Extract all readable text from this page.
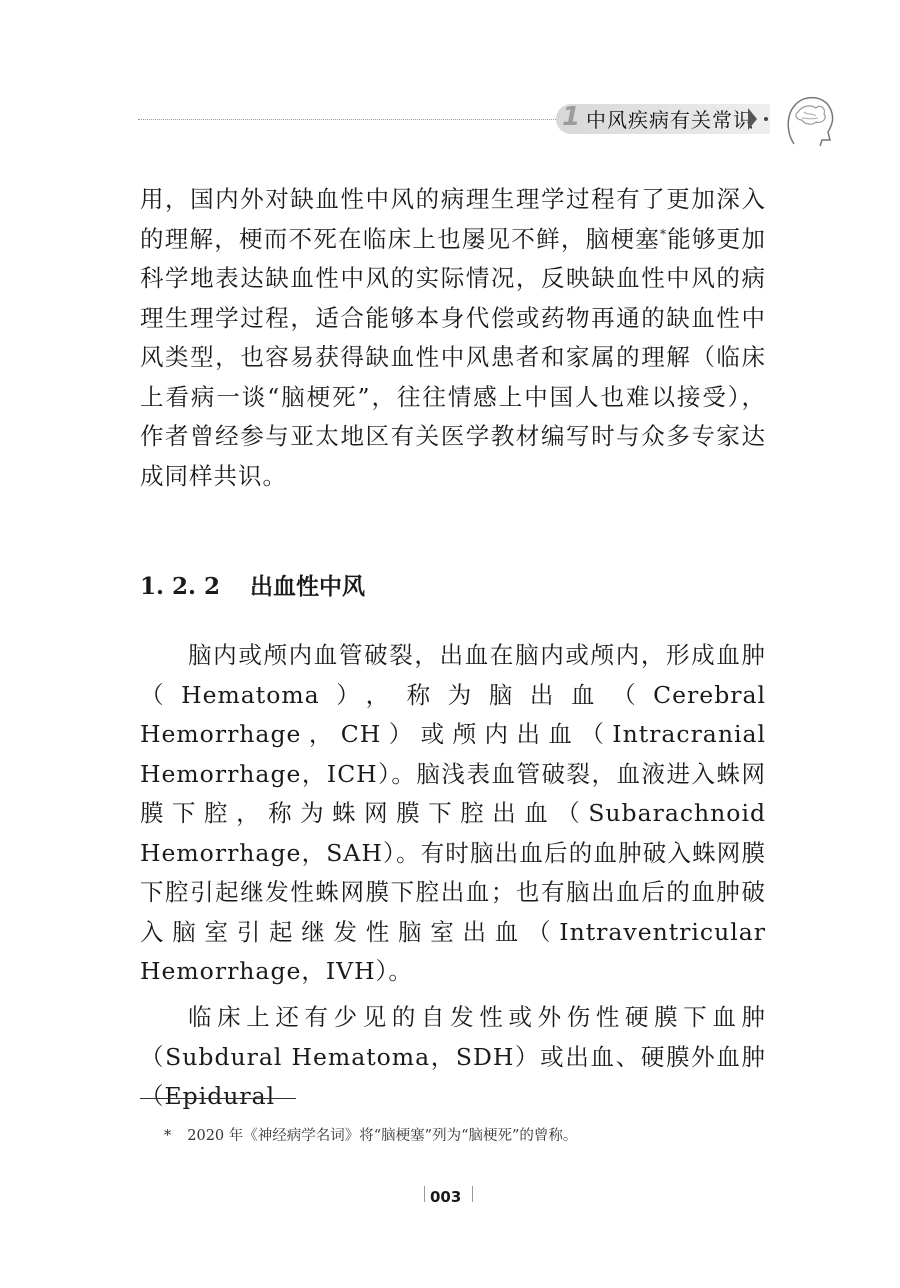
1 中风疾病有关常识
用，国内外对缺血性中风的病理生理学过程有了更加深入的理解，梗而不死在临床上也屡见不鲜，脑梗塞*能够更加科学地表达缺血性中风的实际情况，反映缺血性中风的病理生理学过程，适合能够本身代偿或药物再通的缺血性中风类型，也容易获得缺血性中风患者和家属的理解（临床上看病一谈“脑梗死”，往往情感上中国人也难以接受），作者曾经参与亚太地区有关医学教材编写时与众多专家达成同样共识。
1. 2. 2 出血性中风
脑内或颅内血管破裂，出血在脑内或颅内，形成血肿（Hematoma），称为脑出血（Cerebral Hemorrhage，CH）或颅内出血（Intracranial Hemorrhage，ICH）。脑浅表血管破裂，血液进入蛛网膜下腔，称为蛛网膜下腔出血（Subarachnoid Hemorrhage，SAH）。有时脑出血后的血肿破入蛛网膜下腔引起继发性蛛网膜下腔出血；也有脑出血后的血肿破入脑室引起继发性脑室出血（Intraventricular Hemorrhage，IVH）。
临床上还有少见的自发性或外伤性硬膜下血肿（Subdural Hematoma，SDH）或出血、硬膜外血肿（Epidural
* 2020 年《神经病学名词》将“脑梗塞”列为“脑梗死”的曾称。
003
